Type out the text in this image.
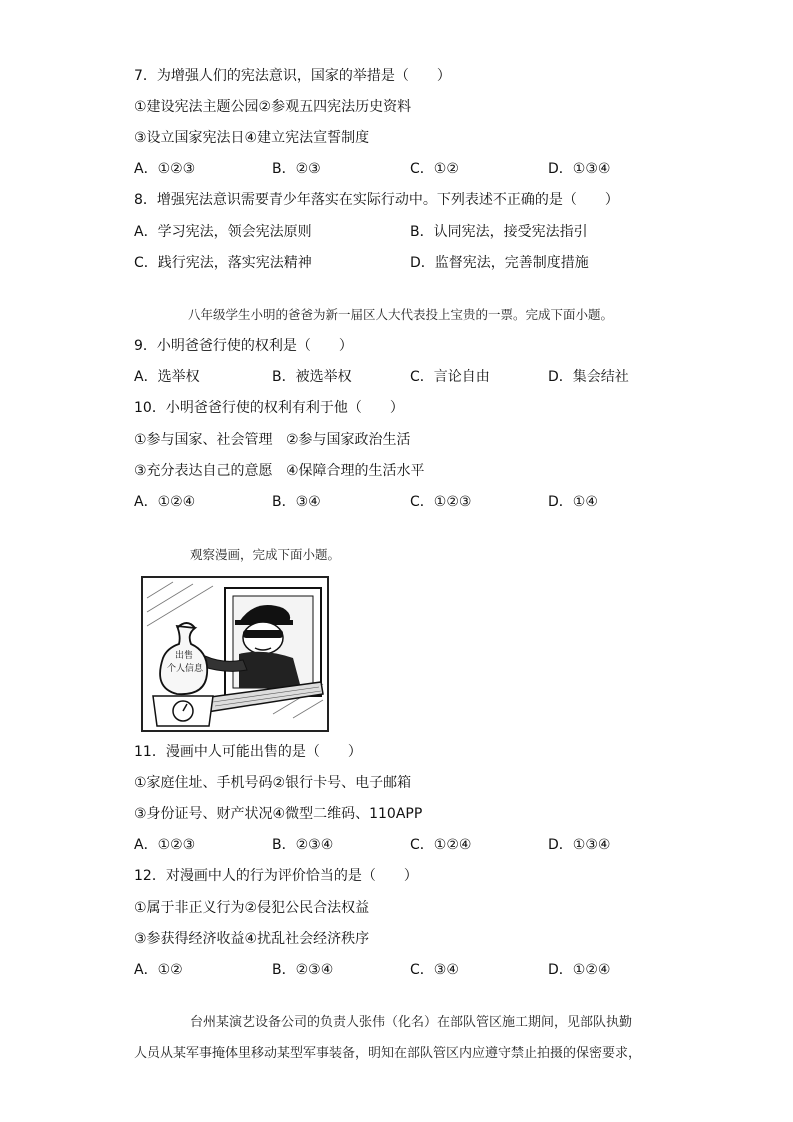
7．为增强人们的宪法意识，国家的举措是（　　）
①建设宪法主题公园②参观五四宪法历史资料
③设立国家宪法日④建立宪法宣誓制度
A．①②③	B．②③	C．①②	D．①③④
8．增强宪法意识需要青少年落实在实际行动中。下列表述不正确的是（　　）
A．学习宪法，领会宪法原则	B．认同宪法，接受宪法指引
C．践行宪法，落实宪法精神	D．监督宪法，完善制度措施
八年级学生小明的爸爸为新一届区人大代表投上宝贵的一票。完成下面小题。
9．小明爸爸行使的权利是（　　）
A．选举权	B．被选举权	C．言论自由	D．集会结社
10．小明爸爸行使的权利有利于他（　　）
①参与国家、社会管理 ②参与国家政治生活
③充分表达自己的意愿 ④保障合理的生活水平
A．①②④	B．③④	C．①②③	D．①④
观察漫画，完成下面小题。
出售
个人信息
11．漫画中人可能出售的是（　　）
①家庭住址、手机号码②银行卡号、电子邮箱
③身份证号、财产状况④微型二维码、110APP
A．①②③	B．②③④	C．①②④	D．①③④
12．对漫画中人的行为评价恰当的是（　　）
①属于非正义行为②侵犯公民合法权益
③参获得经济收益④扰乱社会经济秩序
A．①②	B．②③④	C．③④	D．①②④
台州某演艺设备公司的负责人张伟（化名）在部队管区施工期间，见部队执勤
人员从某军事掩体里移动某型军事装备，明知在部队管区内应遵守禁止拍摄的保密要求，
